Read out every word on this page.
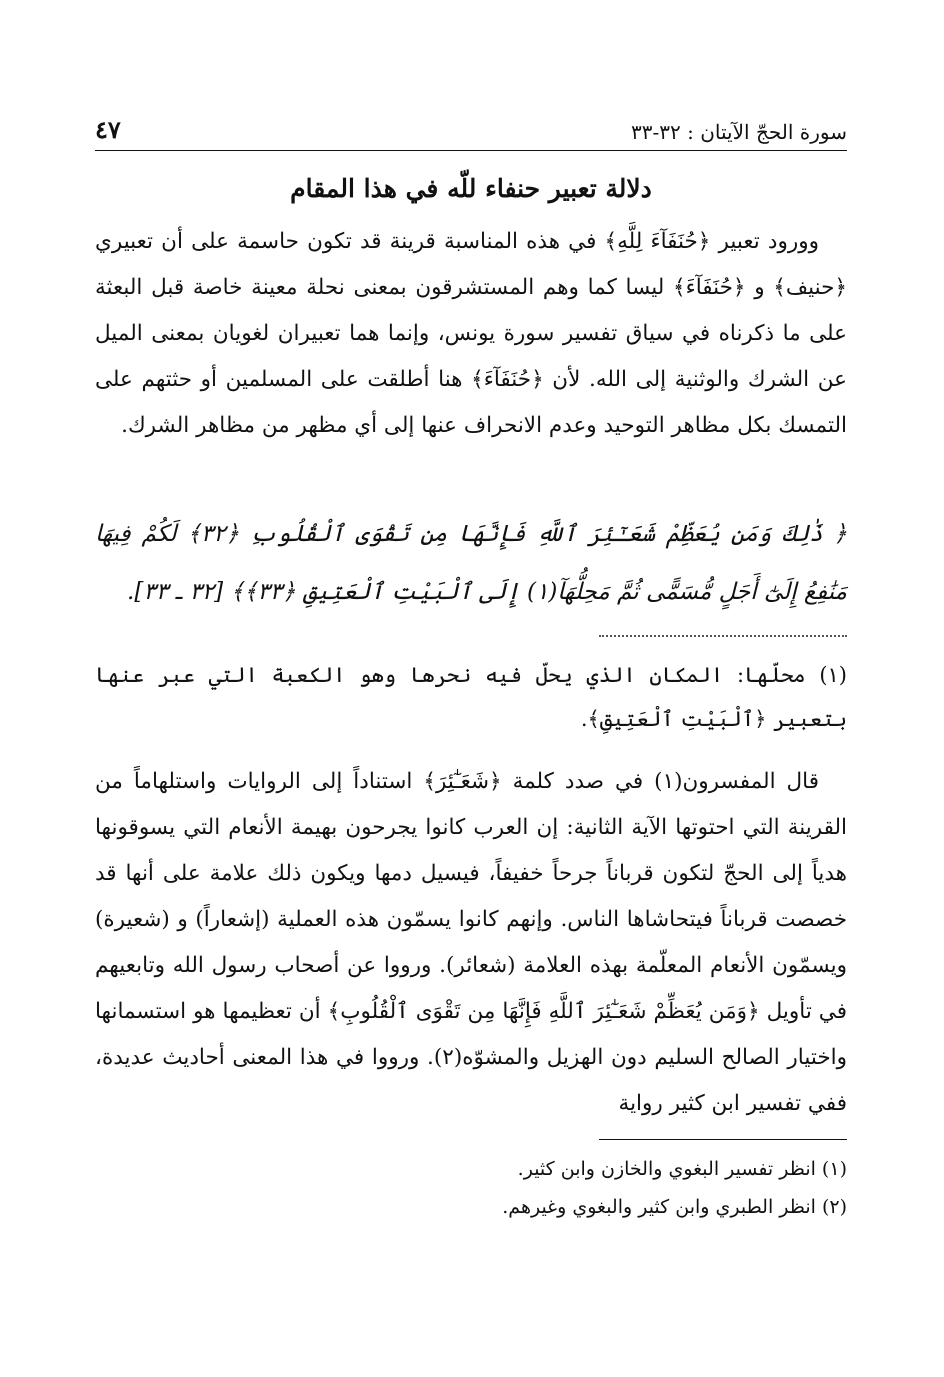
سورة الحجّ الآيتان : ٣٢-٣٣
٤٧
دلالة تعبير حنفاء للّه في هذا المقام
وورود تعبير ﴿حُنَفَآءَ لِلَّهِ﴾ في هذه المناسبة قرينة قد تكون حاسمة على أن تعبيري ﴿حنيف﴾ و ﴿حُنَفَآءَ﴾ ليسا كما وهم المستشرقون بمعنى نحلة معينة خاصة قبل البعثة على ما ذكرناه في سياق تفسير سورة يونس، وإنما هما تعبيران لغويان بمعنى الميل عن الشرك والوثنية إلى الله. لأن ﴿حُنَفَآءَ﴾ هنا أطلقت على المسلمين أو حثتهم على التمسك بكل مظاهر التوحيد وعدم الانحراف عنها إلى أي مظهر من مظاهر الشرك.
﴿ ذَٰلِكَ وَمَن يُعَظِّمْ شَعَـٰٓئِرَ ٱللَّهِ فَإِنَّهَا مِن تَقْوَى ٱلْقُلُوبِ ﴿٣٢﴾ لَكُمْ فِيهَا مَنَٰفِعُ إِلَىٰٓ أَجَلٍ مُّسَمًّى ثُمَّ مَحِلُّهَآ(١) إِلَى ٱلْبَيْتِ ٱلْعَتِيقِ ﴿٣٣﴾﴾ [٣٢ ـ ٣٣].
(١) محلّها: المكان الذي يحلّ فيه نحرها وهو الكعبة التي عبر عنها بتعبير ﴿ٱلْبَيْتِ ٱلْعَتِيقِ﴾.
قال المفسرون(١) في صدد كلمة ﴿شَعَـٰٓئِرَ﴾ استناداً إلى الروايات واستلهاماً من القرينة التي احتوتها الآية الثانية: إن العرب كانوا يجرحون بهيمة الأنعام التي يسوقونها هدياً إلى الحجّ لتكون قرباناً جرحاً خفيفاً، فيسيل دمها ويكون ذلك علامة على أنها قد خصصت قرباناً فيتحاشاها الناس. وإنهم كانوا يسمّون هذه العملية (إشعاراً) و (شعيرة) ويسمّون الأنعام المعلّمة بهذه العلامة (شعائر). ورووا عن أصحاب رسول الله وتابعيهم في تأويل ﴿وَمَن يُعَظِّمْ شَعَـٰٓئِرَ ٱللَّهِ فَإِنَّهَا مِن تَقْوَى ٱلْقُلُوبِ﴾ أن تعظيمها هو استسمانها واختيار الصالح السليم دون الهزيل والمشوّه(٢). ورووا في هذا المعنى أحاديث عديدة، ففي تفسير ابن كثير رواية
(١) انظر تفسير البغوي والخازن وابن كثير.
(٢) انظر الطبري وابن كثير والبغوي وغيرهم.
